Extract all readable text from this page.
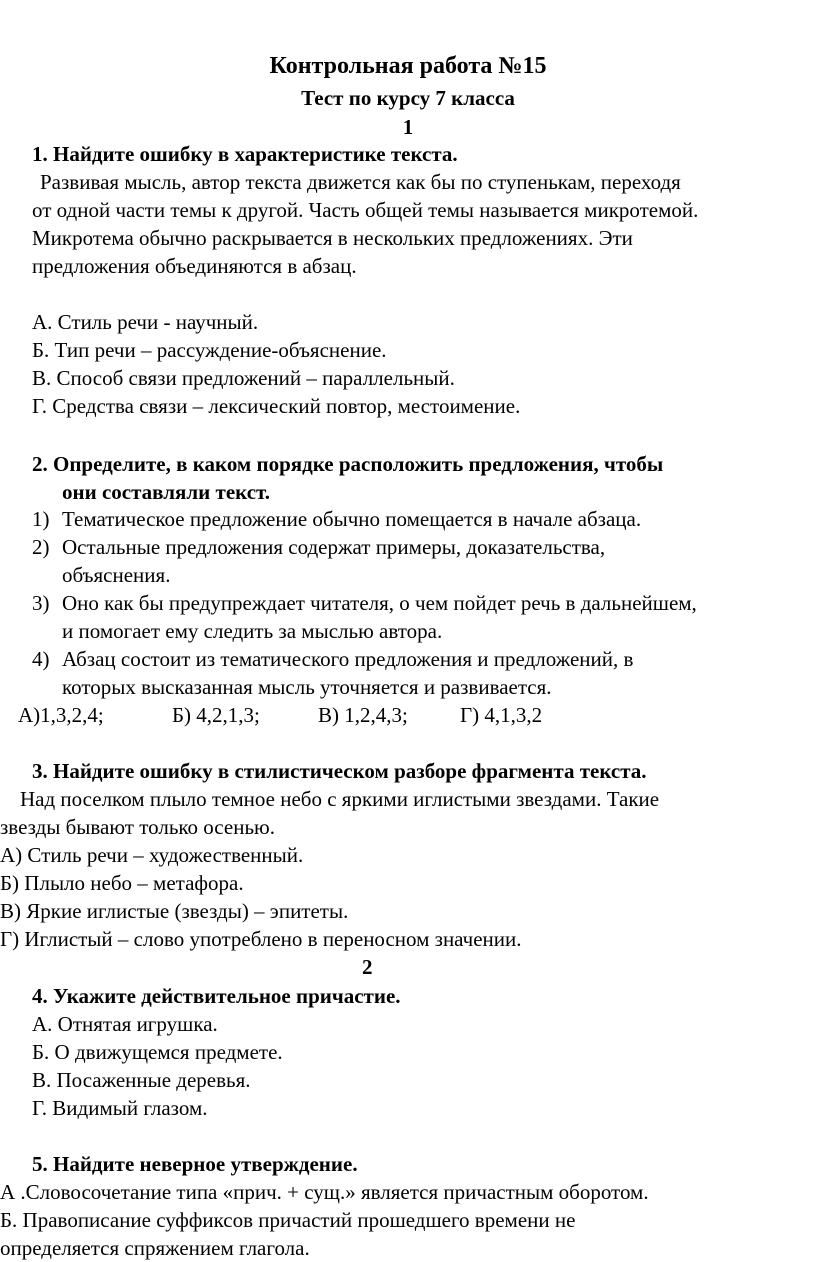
Контрольная работа №15
Тест по курсу 7 класса
1
1. Найдите ошибку в характеристике текста.
Развивая мысль, автор текста движется как бы по ступенькам, переходя
от одной части темы к другой. Часть общей темы называется микротемой.
Микротема обычно раскрывается в нескольких предложениях. Эти
предложения объединяются в абзац.
А. Стиль речи - научный.
Б. Тип речи – рассуждение-объяснение.
В. Способ связи предложений – параллельный.
Г. Средства связи – лексический повтор, местоимение.
2. Определите, в каком порядке расположить предложения, чтобы
они составляли текст.
1) Тематическое предложение обычно помещается в начале абзаца.
2) Остальные предложения содержат примеры, доказательства,
объяснения.
3) Оно как бы предупреждает читателя, о чем пойдет речь в дальнейшем,
и помогает ему следить за мыслью автора.
4) Абзац состоит из тематического предложения и предложений, в
которых высказанная мысль уточняется и развивается.
А)1,3,2,4;	Б) 4,2,1,3;	В) 1,2,4,3; Г) 4,1,3,2
3. Найдите ошибку в стилистическом разборе фрагмента текста.
Над поселком плыло темное небо с яркими иглистыми звездами. Такие
звезды бывают только осенью.
А) Стиль речи – художественный.
Б) Плыло небо – метафора.
В) Яркие иглистые (звезды) – эпитеты.
Г) Иглистый – слово употреблено в переносном значении.
2
4. Укажите действительное причастие.
А. Отнятая игрушка.
Б. О движущемся предмете.
В. Посаженные деревья.
Г. Видимый глазом.
5. Найдите неверное утверждение.
А .Словосочетание типа «прич. + сущ.» является причастным оборотом.
Б. Правописание суффиксов причастий прошедшего времени не
определяется спряжением глагола.
